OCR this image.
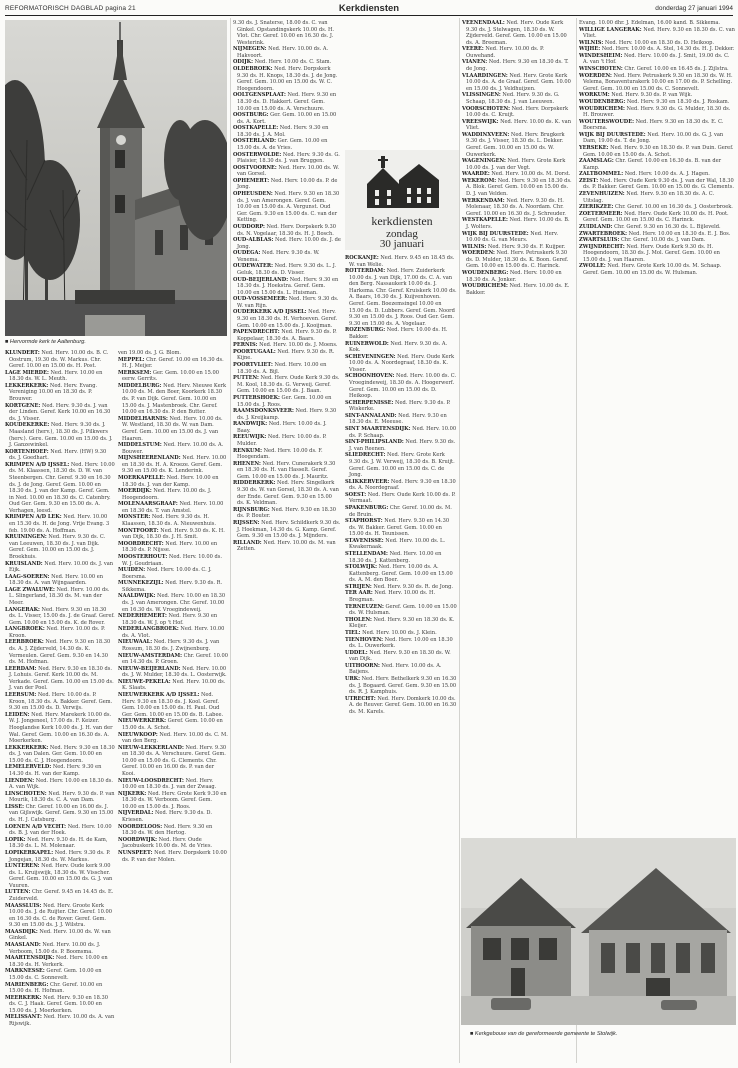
REFORMATORISCH DAGBLAD pagina 21	Kerkdiensten	donderdag 27 januari 1994
■ Hervormde kerk te Aaltenburg.
kerkdiensten
zondag
30 januari

KLUNDERT: Ned. Herv. 10.00 ds. B. C. Oostrum, 19.30 ds. W. Markus. Chr. Geref. 10.00 en 15.00 ds. H. Post.

LAGE MIERDE: Ned. Herv. 10.00 en 18.30 ds. W. L. Meuth.

LEKKERKERK: Ned. Herv. Evang. Vereniging 10.00 en 18.30 ds. P. Brouwer.

KORTGENE: Ned. Herv. 9.30 ds. J. van der Linden. Geref. Kerk 10.00 en 16.30 ds. J. Visser.

KOUDEKERKE: Ned. Herv. 9.30 ds. J. Maasland (herv.), 18.30 ds. J. Pilkwers (herv.). Gere. Gem. 10.00 en 15.00 ds. J. J. Ganzewinkel.

KORTENHOEF: Ned. Herv. (HW) 9.30 ds. J. Goedhart.

KRIMPEN A/D IJSSEL: Ned. Herv. 10.00 ds. M. Klaassen, 18.30 ds. D. W. van Steenbergen. Chr. Geref. 9.30 en 16.30 ds. J. de Jong. Geref. Gem. 10.00 en 18.30 ds. J. van der Kamp. Geref. Gem. in Ned. 10.00 en 18.30 ds. C. Catenbry. Oud Ger. Gem. 9.30 en 15.00 ds. A. Verhagen, leesd.

KRIMPEN A/D LEK: Ned. Herv. 10.00 en 15.30 ds. H. de Jong. Vrije Evang. 3 feb. 19.00 ds. A. Hoffman.

KRUININGEN: Ned. Herv. 9.30 ds. C. van Leeuwen, 18.30 ds. J. van Dijk. Geref. Gem. 10.00 en 15.00 ds. J. Broekhuis.

KRUISLAND: Ned. Herv. 10.00 ds. J. van Eijk.

LAAG-SOEREN: Ned. Herv. 10.00 en 18.30 ds. A. van Wijngaarden.

LAGE ZWALUWE: Ned. Herv. 10.00 ds. L. Slingerland, 18.30 ds. M. van der Meer.

LANGERAK: Ned. Herv. 9.30 en 18.30 ds. L. Visser, 15.00 ds. J. de Graaf. Geref. Gem. 10.00 en 15.00 ds. K. de Rover.

LANGBROEK: Ned. Herv. 10.00 ds. P. Kroon.

LEERBROEK: Ned. Herv. 9.30 en 18.30 ds. A. J. Zijderveld, 14.30 ds. K. Vermeulen. Geref. Gem. 9.30 en 14.30 ds. M. Hofman.

LEERDAM: Ned. Herv. 9.30 en 18.30 ds. J. Lohuis. Geref. Kerk 10.00 ds. M. Verkade. Geref. Gem. 10.00 en 15.00 ds. J. van der Poel.

LEERSUM: Ned. Herv. 10.00 ds. P. Kroon, 18.30 ds. A. Bakker. Geref. Gem. 9.30 en 15.00 ds. D. Verwijs.

LEIDEN: Ned. Herv. Marekerk 10.00 ds. W. J. Jongeneel, 17.00 ds. F. Keizer. Hooglandse Kerk 10.00 ds. J. H. van der Wal. Geref. Gem. 10.00 en 16.30 ds. A. Moerkerken.

LEKKERKERK: Ned. Herv. 9.30 en 18.30 ds. J. van Dalen. Ger. Gem. 10.00 en 15.00 ds. C. J. Hoogendoorn.

LEMELERVELD: Ned. Herv. 9.30 en 14.30 ds. H. van der Kamp.

LIENDEN: Ned. Herv. 10.00 en 18.30 ds. A. van Wijk.

LINSCHOTEN: Ned. Herv. 9.30 ds. P. van Mourik, 18.30 ds. C. A. van Dam.

LISSE: Chr. Geref. 10.00 en 16.00 ds. J. van Gijlswijk. Geref. Gem. 9.30 en 15.00 ds. H. J. Catsburg.

LOENEN A/D VECHT: Ned. Herv. 10.00 ds. B. J. van der Hoek.

LOPIK: Ned. Herv. 9.30 ds. H. de Kam, 18.30 ds. L. M. Molenaar.

LOPIKERKAPEL: Ned. Herv. 9.30 ds. P. Jongejan, 18.30 ds. W. Markus.

LUNTEREN: Ned. Herv. Oude kerk 9.00 ds. L. Kruijswijk, 18.30 ds. W. Visscher. Geref. Gem. 10.00 en 15.00 ds. G. J. van Vuuren.

LUTTEN: Chr. Geref. 9.45 en 14.45 ds. E. Zuiderveld.

MAASSLUIS: Ned. Herv. Groote Kerk 10.00 ds. J. de Ruijter. Chr. Geref. 10.00 en 16.30 ds. C. de Rover. Geref. Gem. 9.30 en 15.00 ds. J. J. Wilstra.

MAASDIJK: Ned. Herv. 10.00 ds. W. van Ginkel.

MAASLAND: Ned. Herv. 10.00 ds. J. Verboom, 15.00 ds. P. Boomsma.

MAARTENSDIJK: Ned. Herv. 10.00 en 18.30 ds. H. Verkerk.

MARKNESSE: Geref. Gem. 10.00 en 15.00 ds. C. Sonnevelt.

MARIENBERG: Chr. Geref. 10.00 en 15.00 ds. H. Hofman.

MEERKERK: Ned. Herv. 9.30 en 18.30 ds. C. J. Haak. Geref. Gem. 10.00 en 15.00 ds. J. Moerkerken.

MELISSANT: Ned. Herv. 10.00 ds. A. van Rijswijk.

ven 19.00 ds. J. G. Blom.

MEPPEL: Chr. Geref. 10.00 en 16.30 ds. H. J. Meijer.

MERKSEM: Ger. Gem. 10.00 en 15.00 eerw. Gerrits.

MIDDELBURG: Ned. Herv. Nieuwe Kerk 10.00 ds. M. den Boer, Koorkerk 18.30 ds. P. van Dijk. Geref. Gem. 10.00 en 15.00 ds. J. Mastenbroek. Chr. Geref. 10.00 en 16.30 ds. P. den Butter.

MIDDELHARNIS: Ned. Herv. 10.00 ds. W. Westland, 18.30 ds. W. van Dam. Geref. Gem. 10.00 en 15.00 ds. J. van Haaren.

MIDDELSTUM: Ned. Herv. 10.00 ds. A. Bouwer.

MIJNSHEERENLAND: Ned. Herv. 10.00 en 18.30 ds. H. A. Kroeze. Geref. Gem. 9.30 en 15.00 ds. K. Lenderink.

MOERKAPELLE: Ned. Herv. 10.00 en 18.30 ds. J. van der Kamp.

MOERDIJK: Ned. Herv. 10.00 ds. J. Hoogendoorn.

MOLENAARSGRAAF: Ned. Herv. 10.00 en 18.30 ds. T. van Amstel.

MONSTER: Ned. Herv. 9.30 ds. H. Klaassen, 18.30 ds. A. Nieuwenhuis.

MONTFOORT: Ned. Herv. 9.30 ds. K. H. van Dijk, 18.30 ds. J. H. Smit.

MOORDRECHT: Ned. Herv. 10.00 en 18.30 ds. P. Nijsse.

MOOSTERHOUT: Ned. Herv. 10.00 ds. W. J. Goudriaan.

MUIDEN: Ned. Herv. 10.00 ds. C. J. Boersma.

MUNNEKEZIJL: Ned. Herv. 9.30 ds. R. Sikkema.

NAALDWIJK: Ned. Herv. 10.00 en 18.30 ds. J. van Amerongen. Chr. Geref. 10.00 en 16.30 ds. W. Vroegindeweij.

NEDERHEMERT: Ned. Herv. 9.30 en 18.30 ds. W. J. op 't Hof.

NEDERLANGBROEK: Ned. Herv. 10.00 ds. A. Vlot.

NIEUWAAL: Ned. Herv. 9.30 ds. J. van Rossum, 18.30 ds. J. Zwijnenburg.

NIEUW-AMSTERDAM: Chr. Geref. 10.00 en 14.30 ds. P. Groen.

NIEUW-BEIJERLAND: Ned. Herv. 10.00 ds. J. W. Mulder, 18.30 ds. L. Oosterwijk.

NIEUWE-PEKELA: Ned. Herv. 10.00 ds. K. Slaats.

NIEUWERKERK A/D IJSSEL: Ned. Herv. 9.30 en 18.30 ds. J. Kool. Geref. Gem. 10.00 en 15.00 ds. H. Paul. Oud Ger. Gem. 10.00 en 15.00 ds. B. Labee.

NIEUWERKERK: Geref. Gem. 10.00 en 15.00 ds. A. Schot.

NIEUWKOOP: Ned. Herv. 10.00 ds. C. M. van den Berg.

NIEUW-LEKKERLAND: Ned. Herv. 9.30 en 18.30 ds. A. Verschuure. Geref. Gem. 10.00 en 15.00 ds. G. Clements. Chr. Geref. 10.00 en 16.00 ds. P. van der Kooi.

NIEUW-LOOSDRECHT: Ned. Herv. 10.00 en 18.30 ds. J. van der Zwaag.

NIJKERK: Ned. Herv. Grote Kerk 9.30 en 18.30 ds. W. Verboom. Geref. Gem. 10.00 en 15.00 ds. J. Roos.

NIJVERDAL: Ned. Herv. 9.30 ds. D. Kriesen.

NOORDELOOS: Ned. Herv. 9.30 en 18.30 ds. W. den Hertog.

NOORDWIJK: Ned. Herv. Oude Jacobuskerk 10.00 ds. M. de Vries.

NUNSPEET: Ned. Herv. Dorpskerk 10.00 ds. P. van der Molen.

9.30 ds. J. Snaterse, 18.00 ds. C. van Ginkel. Opstandingskerk 10.00 ds. H. Vlot. Chr. Geref. 10.00 en 16.30 ds. J. Westerink.

NIJMEGEN: Ned. Herv. 10.00 ds. A. Hakvoort.

ODIJK: Ned. Herv. 10.00 ds. C. Stam.

OLDEBROEK: Ned. Herv. Dorpskerk 9.30 ds. H. Knops, 18.30 ds. J. de Jong. Geref. Gem. 10.00 en 15.00 ds. W. C. Hoogendoorn.

OOLTGENSPLAAT: Ned. Herv. 9.30 en 18.30 ds. D. Hakkert. Geref. Gem. 10.00 en 15.00 ds. A. Verschuure.

OOSTBURG: Ger. Gem. 10.00 en 15.00 ds. A. Kort.

OOSTKAPELLE: Ned. Herv. 9.30 en 18.30 ds. J. A. Mol.

OOSTERLAND: Ger. Gem. 10.00 en 15.00 ds. A. de Vries.

OOSTERWOLDE: Ned. Herv. 9.30 ds. G. Plaisier, 18.30 ds. J. van Bruggen.

OOSTVOORNE: Ned. Herv. 10.00 ds. W. van Gorsel.

OPHEMERT: Ned. Herv. 10.00 ds. P. de Jong.

OPHEUSDEN: Ned. Herv. 9.30 en 18.30 ds. J. van Amerongen. Geref. Gem. 10.00 en 15.00 ds. A. Vergunst. Oud Ger. Gem. 9.30 en 15.00 ds. C. van der Ketting.

OUDDORP: Ned. Herv. Dorpskerk 9.30 ds. N. Vogelaar, 18.30 ds. H. J. Bosch.

OUD-ALBLAS: Ned. Herv. 10.00 ds. J. de Jong.

OUDEGA: Ned. Herv. 9.30 ds. W. Venema.

OUDEWATER: Ned. Herv. 9.30 ds. L. J. Geluk, 18.30 ds. D. Visser.

OUD-BEIJERLAND: Ned. Herv. 9.30 en 18.30 ds. J. Hoekstra. Geref. Gem. 10.00 en 15.00 ds. L. Huisman.

OUD-VOSSEMEER: Ned. Herv. 9.30 ds. W. van Rijn.

OUDERKERK A/D IJSSEL: Ned. Herv. 9.30 en 18.30 ds. H. Verhoeven. Geref. Gem. 10.00 en 15.00 ds. J. Kooijman.

PAPENDRECHT: Ned. Herv. 9.30 ds. P. Koppelaar, 18.30 ds. A. Baars.

PERNIS: Ned. Herv. 10.00 ds. J. Moens.

POORTUGAAL: Ned. Herv. 9.30 ds. R. Kijne.

POORTVLIET: Ned. Herv. 10.00 en 18.30 ds. A. Bijl.

PUTTEN: Ned. Herv. Oude Kerk 9.30 ds. M. Kool, 18.30 ds. G. Verweij. Geref. Gem. 10.00 en 15.00 ds. J. Baan.

PUTTERSHOEK: Ger. Gem. 10.00 en 15.00 ds. J. Roos.

RAAMSDONKSVEER: Ned. Herv. 9.30 ds. J. Kreijkamp.

RANDWIJK: Ned. Herv. 10.00 ds. J. Baay.

REEUWIJK: Ned. Herv. 10.00 ds. P. Mulder.

RENKUM: Ned. Herv. 10.00 ds. F. Hoogendam.

RHENEN: Ned. Herv. Cunerakerk 9.30 en 18.30 ds. H. van Hasselt. Geref. Gem. 10.00 en 15.00 ds. J. Mauritz.

RIDDERKERK: Ned. Herv. Singelkerk 9.30 ds. W. van Gorsel, 18.30 ds. A. van der Ende. Geref. Gem. 9.30 en 15.00 ds. K. Veldman.

RIJNSBURG: Ned. Herv. 9.30 en 18.30 ds. P. Bouter.

RIJSSEN: Ned. Herv. Schildkerk 9.30 ds. J. Hoekman, 14.30 ds. G. Kamp. Geref. Gem. 9.30 en 15.00 ds. J. Mijnders.

RILLAND: Ned. Herv. 10.00 ds. M. van Zetten.

ROCKANJE: Ned. Herv. 9.45 en 18.45 ds. W. van Welie.

ROTTERDAM: Ned. Herv. Zuiderkerk 10.00 ds. J. van Dijk, 17.00 ds. C. A. van den Berg. Nassaukerk 10.00 ds. J. Harkema. Chr. Geref. Kruiskerk 10.00 ds. A. Baars, 16.30 ds. J. Kuijvenhoven. Geref. Gem. Boezemsingel 10.00 en 15.00 ds. D. Lubbers. Geref. Gem. Noord 9.30 en 15.00 ds. J. Roos. Oud Ger. Gem. 9.30 en 15.00 ds. A. Vogelaar.

ROZENBURG: Ned. Herv. 10.00 ds. H. Bakker.

RUINERWOLD: Ned. Herv. 9.30 ds. A. Kok.

SCHEVENINGEN: Ned. Herv. Oude Kerk 10.00 ds. A. Noordegraaf, 18.30 ds. K. Visser.

SCHOONHOVEN: Ned. Herv. 10.00 ds. C. Vroegindeweij, 18.30 ds. A. Hoogerwerf. Geref. Gem. 10.00 en 15.00 ds. D. Heikoop.

SCHERPENISSE: Ned. Herv. 9.30 ds. P. Wiskerke.

SINT-ANNALAND: Ned. Herv. 9.30 en 18.30 ds. E. Meeuse.

SINT MAARTENSDIJK: Ned. Herv. 10.00 ds. P. Schaap.

SINT-PHILIPSLAND: Ned. Herv. 9.30 ds. J. van Reenen.

SLIEDRECHT: Ned. Herv. Grote Kerk 9.30 ds. J. W. Verweij, 18.30 ds. B. Kruijt. Geref. Gem. 10.00 en 15.00 ds. C. de Jong.

SLIKKERVEER: Ned. Herv. 9.30 en 18.30 ds. A. Noordegraaf.

SOEST: Ned. Herv. Oude Kerk 10.00 ds. P. Vermaat.

SPAKENBURG: Chr. Geref. 10.00 ds. M. de Bruin.

STAPHORST: Ned. Herv. 9.30 en 14.30 ds. W. Bakker. Geref. Gem. 10.00 en 15.00 ds. H. Teunissen.

STAVENISSE: Ned. Herv. 10.00 ds. L. Kwakernaak.

STELLENDAM: Ned. Herv. 10.00 en 18.30 ds. J. Kattenberg.

STOLWIJK: Ned. Herv. 10.00 ds. A. Kattenberg. Geref. Gem. 10.00 en 15.00 ds. A. M. den Boer.

STRIJEN: Ned. Herv. 9.30 ds. R. de Jong.

TER AAR: Ned. Herv. 10.00 ds. H. Bregman.

TERNEUZEN: Geref. Gem. 10.00 en 15.00 ds. W. Hulsman.

THOLEN: Ned. Herv. 9.30 en 18.30 ds. K. Kleijer.

TIEL: Ned. Herv. 10.00 ds. J. Klein.

TIENHOVEN: Ned. Herv. 10.00 en 18.30 ds. L. Ouwerkerk.

UDDEL: Ned. Herv. 9.30 en 18.30 ds. W. van Dijk.

UITHOORN: Ned. Herv. 10.00 ds. A. Baijens.

URK: Ned. Herv. Bethelkerk 9.30 en 16.30 ds. J. Bogaard. Geref. Gem. 9.30 en 15.00 ds. R. J. Kamphuis.

UTRECHT: Ned. Herv. Domkerk 10.00 ds. A. de Reuver. Geref. Gem. 10.00 en 16.30 ds. M. Karels.

VEENENDAAL: Ned. Herv. Oude Kerk 9.30 ds. J. Stelwagen, 18.30 ds. W. Zijderveld. Geref. Gem. 10.00 en 15.00 ds. A. Breeman.

VEERE: Ned. Herv. 10.00 ds. P. Ouwehand.

VIANEN: Ned. Herv. 9.30 en 18.30 ds. T. de Jong.

VLAARDINGEN: Ned. Herv. Grote Kerk 10.00 ds. A. de Graaf. Geref. Gem. 10.00 en 15.00 ds. J. Veldhuijzen.

VLISSINGEN: Ned. Herv. 9.30 ds. G. Schaap, 18.30 ds. J. van Leeuwen.

VOORSCHOTEN: Ned. Herv. Dorpskerk 10.00 ds. C. Kruijt.

VREESWIJK: Ned. Herv. 10.00 ds. K. van Vliet.

WADDINXVEEN: Ned. Herv. Brugkerk 9.30 ds. J. Visser, 18.30 ds. L. Dekker. Geref. Gem. 10.00 en 15.00 ds. W. Ouwerkerk.

WAGENINGEN: Ned. Herv. Grote Kerk 10.00 ds. J. van der Vegt.

WAARDE: Ned. Herv. 10.00 ds. M. Dorst.

WEKEROM: Ned. Herv. 9.30 en 18.30 ds. A. Blok. Geref. Gem. 10.00 en 15.00 ds. D. J. van Velden.

WERKENDAM: Ned. Herv. 9.30 ds. H. Molenaar, 18.30 ds. A. Noordam. Chr. Geref. 10.00 en 16.30 ds. J. Schreuder.

WESTKAPELLE: Ned. Herv. 10.00 ds. B. J. Wolters.

WIJK BIJ DUURSTEDE: Ned. Herv. 10.00 ds. G. van Meurs.

WILNIS: Ned. Herv. 9.30 ds. F. Kuijper.

WOERDEN: Ned. Herv. Petruskerk 9.30 ds. D. Mulder, 18.30 ds. K. Boon. Geref. Gem. 10.00 en 15.00 ds. C. Harinck.

WOUDENBERG: Ned. Herv. 10.00 en 18.30 ds. A. Jonker.

WOUDRICHEM: Ned. Herv. 10.00 ds. E. Bakker.

Evang. 10.00 dhr. J. Edelman, 16.00 kand. B. Sikkema.

WILLIGE LANGERAK: Ned. Herv. 9.30 en 18.30 ds. C. van Vliet.

WILNIS: Ned. Herv. 10.00 en 18.30 ds. D. Heikoop.

WIJHE: Ned. Herv. 10.00 ds. A. Stel, 14.30 ds. H. J. Dekker.

WINDESHEIM: Ned. Herv. 10.00 ds. J. Smit, 19.00 ds. C. A. van 't Hof.

WINSCHOTEN: Chr. Geref. 10.00 en 16.45 ds. J. Zijlstra.

WOERDEN: Ned. Herv. Petruskerk 9.30 en 18.30 ds. W. H. Velema, Bonaventurakerk 10.00 en 17.00 ds. P. Schelling. Geref. Gem. 10.00 en 15.00 ds. C. Sonnevelt.

WORKUM: Ned. Herv. 9.30 ds. P. van Wijk.

WOUDENBERG: Ned. Herv. 9.30 en 18.30 ds. J. Roskam.

WOUDRICHEM: Ned. Herv. 9.30 ds. G. Mulder, 18.30 ds. H. Brouwer.

WOUTERSWOUDE: Ned. Herv. 9.30 en 18.30 ds. E. C. Boersma.

WIJK BIJ DUURSTEDE: Ned. Herv. 10.00 ds. G. J. van Dam, 19.00 ds. T. de Jong.

YERSEKE: Ned. Herv. 9.30 en 18.30 ds. P. van Duin. Geref. Gem. 10.00 en 15.00 ds. A. Schot.

ZAAMSLAG: Chr. Geref. 10.00 en 16.30 ds. B. van der Kamp.

ZALTBOMMEL: Ned. Herv. 10.00 ds. A. J. Hagen.

ZEIST: Ned. Herv. Oude Kerk 9.30 ds. J. van der Wal, 18.30 ds. P. Bakker. Geref. Gem. 10.00 en 15.00 ds. G. Clements.

ZEVENHUIZEN: Ned. Herv. 9.30 en 18.30 ds. A. C. Uitslag.

ZIERIKZEE: Chr. Geref. 10.00 en 16.30 ds. J. Oosterbroek.

ZOETERMEER: Ned. Herv. Oude Kerk 10.00 ds. H. Poot. Geref. Gem. 10.00 en 15.00 ds. C. Harinck.

ZUIDLAND: Chr. Geref. 9.30 en 16.30 ds. L. Bijleveld.

ZWARTEBROEK: Ned. Herv. 10.00 en 18.30 ds. E. J. Bos.

ZWARTSLUIS: Chr. Geref. 10.00 ds. J. van Dam.

ZWIJNDRECHT: Ned. Herv. Oude Kerk 9.30 ds. H. Hoogendoorn, 18.30 ds. J. Mol. Geref. Gem. 10.00 en 15.00 ds. J. van Haaren.

ZWOLLE: Ned. Herv. Grote Kerk 10.00 ds. M. Schaap. Geref. Gem. 10.00 en 15.00 ds. W. Hulsman.

■ Kerkgebouw van de gereformeerde gemeente te Stolwijk.
